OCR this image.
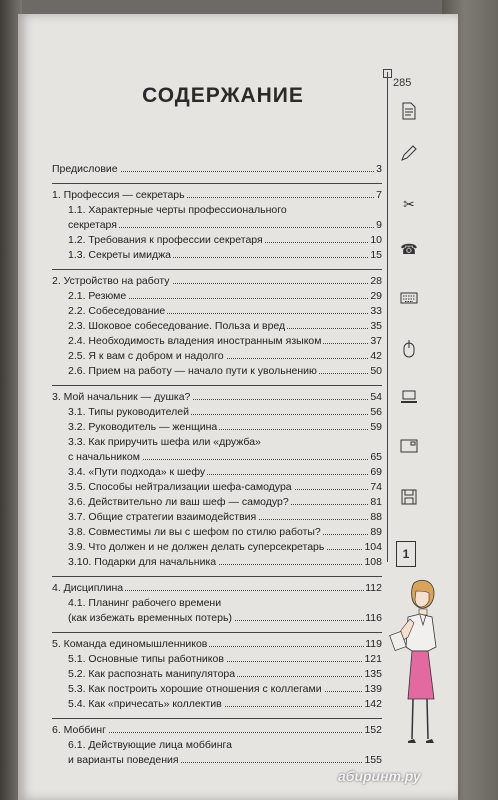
СОДЕРЖАНИЕ
285
✂
☎
1
Предисловие	3
1. Профессия — секретарь	7
1.1. Характерные черты профессионального
секретаря	9
1.2. Требования к профессии секретаря	10
1.3. Секреты имиджа	15
2. Устройство на работу	28
2.1. Резюме	29
2.2. Собеседование	33
2.3. Шоковое собеседование. Польза и вред	35
2.4. Необходимость владения иностранным языком	37
2.5. Я к вам с добром и надолго	42
2.6. Прием на работу — начало пути к увольнению	50
3. Мой начальник — душка?	54
3.1. Типы руководителей	56
3.2. Руководитель — женщина	59
3.3. Как приручить шефа или «дружба»
с начальником	65
3.4. «Пути подхода» к шефу	69
3.5. Способы нейтрализации шефа-самодура	74
3.6. Действительно ли ваш шеф — самодур?	81
3.7. Общие стратегии взаимодействия	88
3.8. Совместимы ли вы с шефом по стилю работы?	89
3.9. Что должен и не должен делать суперсекретарь	104
3.10. Подарки для начальника	108
4. Дисциплина	112
4.1. Планинг рабочего времени
(как избежать временных потерь)	116
5. Команда единомышленников	119
5.1. Основные типы работников	121
5.2. Как распознать манипулятора	135
5.3. Как построить хорошие отношения с коллегами	139
5.4. Как «причесать» коллектив	142
6. Моббинг	152
6.1. Действующие лица моббинга
и варианты поведения	155
абиринт.ру
